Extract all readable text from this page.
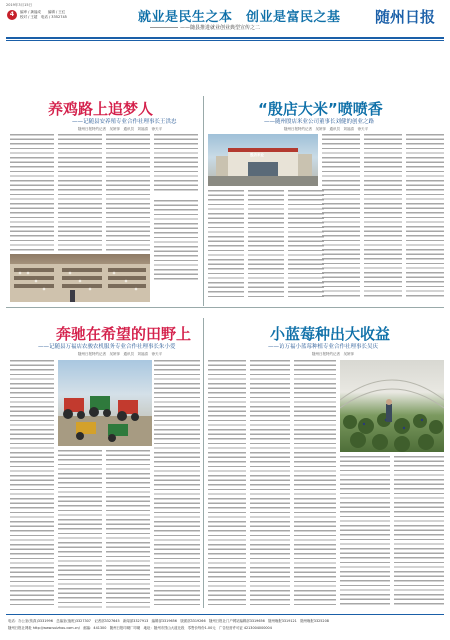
2019年3月15日
4	编审 / 龚福成　　编辑 / 王红
校对 / 王超　电话 / 3352745	就业是民生之本　创业是富民之基
——随县推进就业创业典型宣传之二
随州日报
养鸡路上追梦人
——记随县安养殖专业合作社理事长王洪忠
随州日报特约记者　吴妍萍　通讯员　刘福清　徐天平
“殷店大米”喷喷香
——随州殷店米业公司董事长刘健的创业之路
随州日报特约记者　吴妍萍　通讯员　刘福清　徐天平
殷店米业
奔驰在希望的田野上
——记随县万福店农骏农机服务专业合作社理事长朱小爱
随州日报特约记者　吴妍萍　通讯员　刘福清　徐天平
小蓝莓种出大收益
——访万福小蓝莓种植专业合作社理事长吴庆
随州日报特约记者　吴妍萍
电话：办公室(传真)3331996　总编室(值班)3327307　记者部3327645　新闻部3327913　编辑部3319656　版面部3319266　随州日报社门户网站编辑部3319656　随州晚报3319121　随州晚报3325208
随州日报社网址 http://www.suizhou.com.cn/　邮编：441300　随州日报印刷厂印刷　地址：随州市烈山大道北段　零售价每份1.00元　广告经营许可证 4213004000004
